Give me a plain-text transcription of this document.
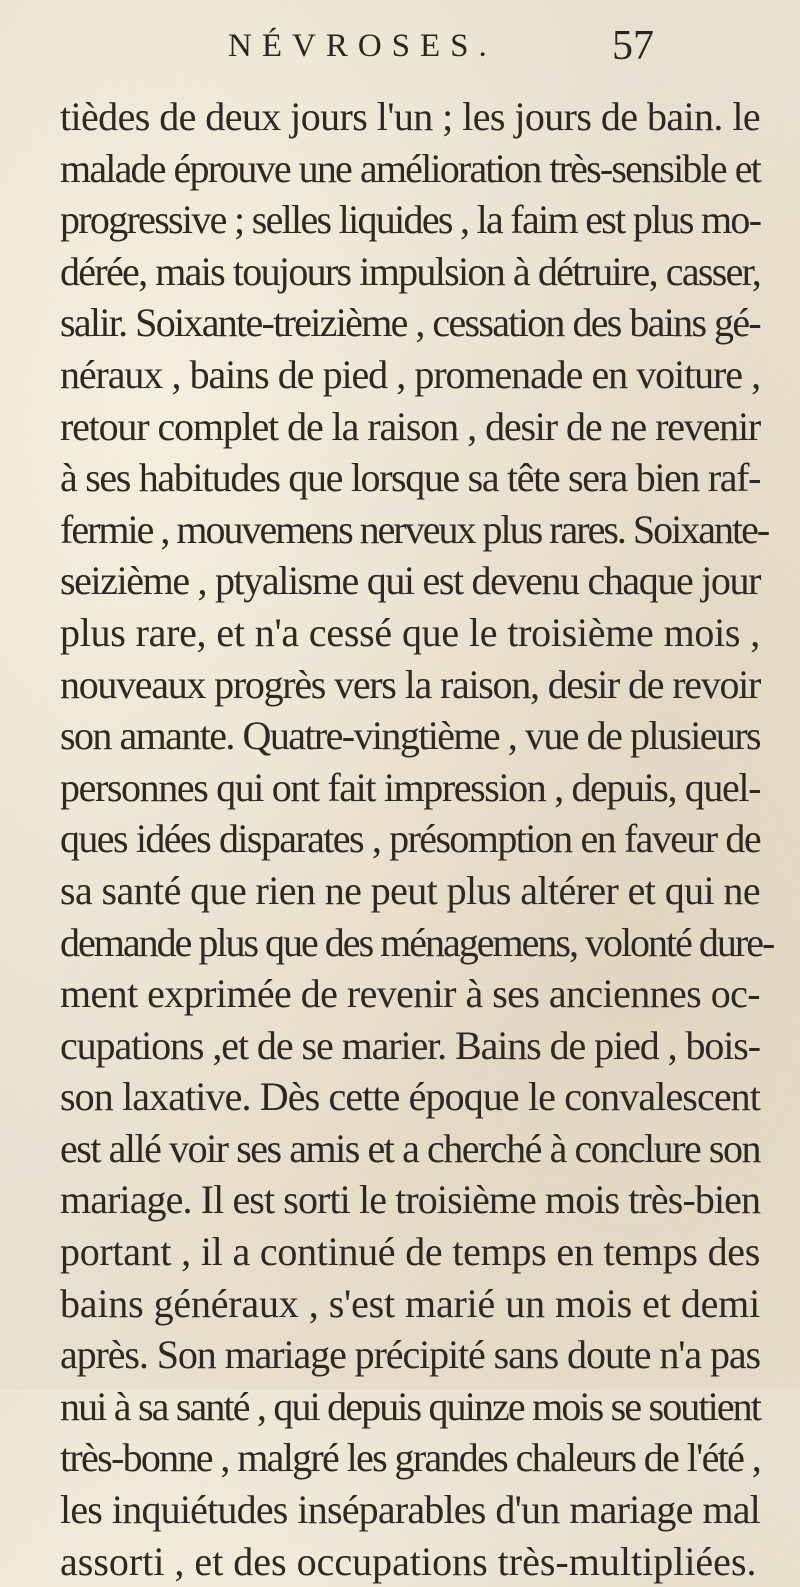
NÉVROSES.	57
tièdes de deux jours l'un ; les jours de bain. le
malade éprouve une amélioration très-sensible et
progressive ; selles liquides , la faim est plus mo-
dérée, mais toujours impulsion à détruire, casser,
salir. Soixante-treizième , cessation des bains gé-
néraux , bains de pied , promenade en voiture ,
retour complet de la raison , desir de ne revenir
à ses habitudes que lorsque sa tête sera bien raf-
fermie , mouvemens nerveux plus rares. Soixante-
seizième , ptyalisme qui est devenu chaque jour
plus rare, et n'a cessé que le troisième mois ,
nouveaux progrès vers la raison, desir de revoir
son amante. Quatre-vingtième , vue de plusieurs
personnes qui ont fait impression , depuis, quel-
ques idées disparates , présomption en faveur de
sa santé que rien ne peut plus altérer et qui ne
demande plus que des ménagemens, volonté dure-
ment exprimée de revenir à ses anciennes oc-
cupations ,et de se marier. Bains de pied , bois-
son laxative. Dès cette époque le convalescent
est allé voir ses amis et a cherché à conclure son
mariage. Il est sorti le troisième mois très-bien
portant , il a continué de temps en temps des
bains généraux , s'est marié un mois et demi
après. Son mariage précipité sans doute n'a pas
nui à sa santé , qui depuis quinze mois se soutient
très-bonne , malgré les grandes chaleurs de l'été ,
les inquiétudes inséparables d'un mariage mal
assorti , et des occupations très-multipliées.
